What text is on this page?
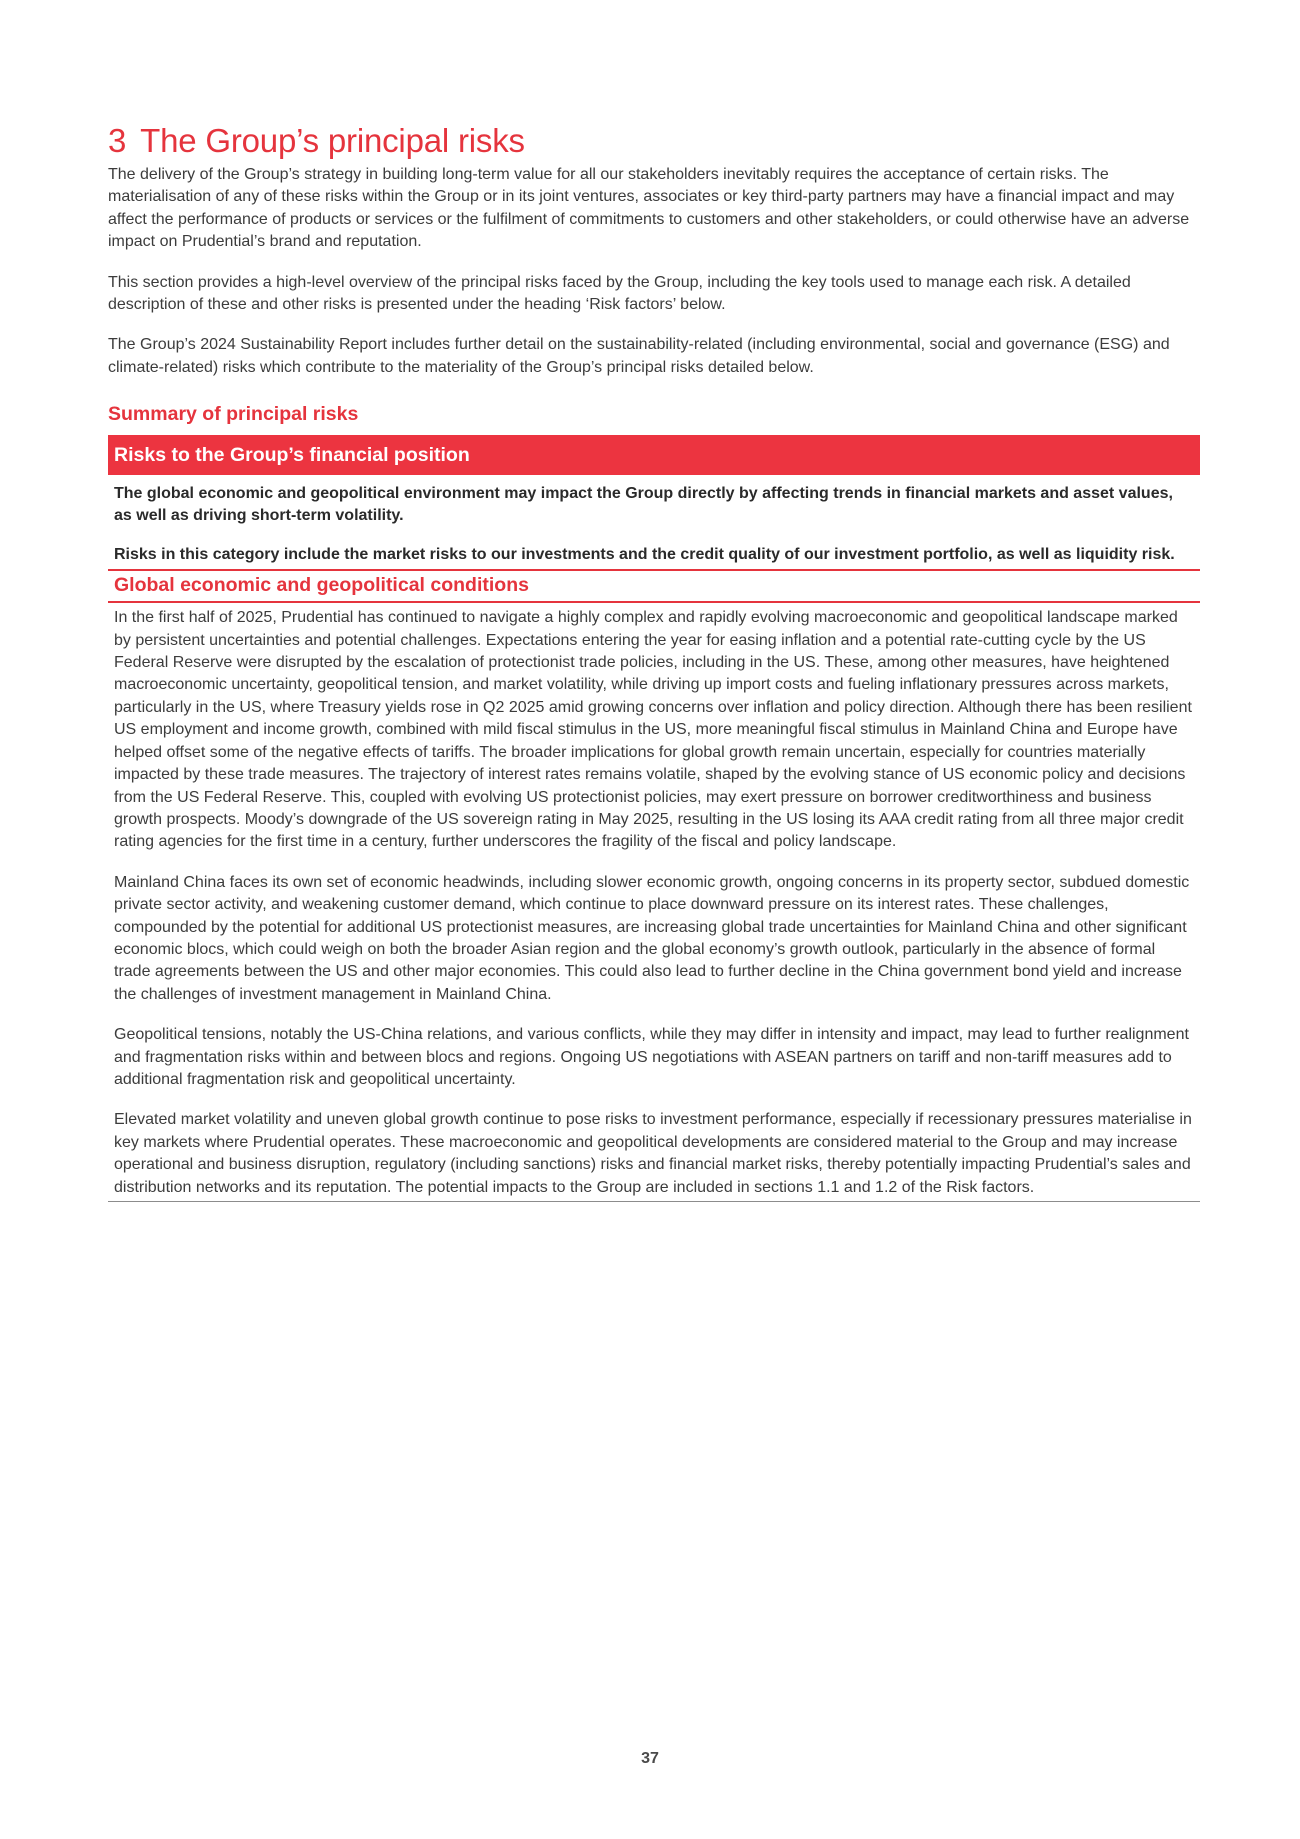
3 The Group’s principal risks

The delivery of the Group’s strategy in building long-term value for all our stakeholders inevitably requires the acceptance of certain risks. The materialisation of any of these risks within the Group or in its joint ventures, associates or key third-party partners may have a financial impact and may affect the performance of products or services or the fulfilment of commitments to customers and other stakeholders, or could otherwise have an adverse impact on Prudential’s brand and reputation.

This section provides a high-level overview of the principal risks faced by the Group, including the key tools used to manage each risk. A detailed description of these and other risks is presented under the heading ‘Risk factors’ below.

The Group’s 2024 Sustainability Report includes further detail on the sustainability-related (including environmental, social and governance (ESG) and climate-related) risks which contribute to the materiality of the Group’s principal risks detailed below.

Summary of principal risks
Risks to the Group’s financial position

The global economic and geopolitical environment may impact the Group directly by affecting trends in financial markets and asset values, as well as driving short-term volatility.

Risks in this category include the market risks to our investments and the credit quality of our investment portfolio, as well as liquidity risk.

Global economic and geopolitical conditions

In the first half of 2025, Prudential has continued to navigate a highly complex and rapidly evolving macroeconomic and geopolitical landscape marked by persistent uncertainties and potential challenges. Expectations entering the year for easing inflation and a potential rate-cutting cycle by the US Federal Reserve were disrupted by the escalation of protectionist trade policies, including in the US. These, among other measures, have heightened macroeconomic uncertainty, geopolitical tension, and market volatility, while driving up import costs and fueling inflationary pressures across markets, particularly in the US, where Treasury yields rose in Q2 2025 amid growing concerns over inflation and policy direction. Although there has been resilient US employment and income growth, combined with mild fiscal stimulus in the US, more meaningful fiscal stimulus in Mainland China and Europe have helped offset some of the negative effects of tariffs. The broader implications for global growth remain uncertain, especially for countries materially impacted by these trade measures. The trajectory of interest rates remains volatile, shaped by the evolving stance of US economic policy and decisions from the US Federal Reserve. This, coupled with evolving US protectionist policies, may exert pressure on borrower creditworthiness and business growth prospects. Moody’s downgrade of the US sovereign rating in May 2025, resulting in the US losing its AAA credit rating from all three major credit rating agencies for the first time in a century, further underscores the fragility of the fiscal and policy landscape.

Mainland China faces its own set of economic headwinds, including slower economic growth, ongoing concerns in its property sector, subdued domestic private sector activity, and weakening customer demand, which continue to place downward pressure on its interest rates. These challenges, compounded by the potential for additional US protectionist measures, are increasing global trade uncertainties for Mainland China and other significant economic blocs, which could weigh on both the broader Asian region and the global economy’s growth outlook, particularly in the absence of formal trade agreements between the US and other major economies. This could also lead to further decline in the China government bond yield and increase the challenges of investment management in Mainland China.

Geopolitical tensions, notably the US-China relations, and various conflicts, while they may differ in intensity and impact, may lead to further realignment and fragmentation risks within and between blocs and regions. Ongoing US negotiations with ASEAN partners on tariff and non-tariff measures add to additional fragmentation risk and geopolitical uncertainty.

Elevated market volatility and uneven global growth continue to pose risks to investment performance, especially if recessionary pressures materialise in key markets where Prudential operates. These macroeconomic and geopolitical developments are considered material to the Group and may increase operational and business disruption, regulatory (including sanctions) risks and financial market risks, thereby potentially impacting Prudential’s sales and distribution networks and its reputation. The potential impacts to the Group are included in sections 1.1 and 1.2 of the Risk factors.

37
